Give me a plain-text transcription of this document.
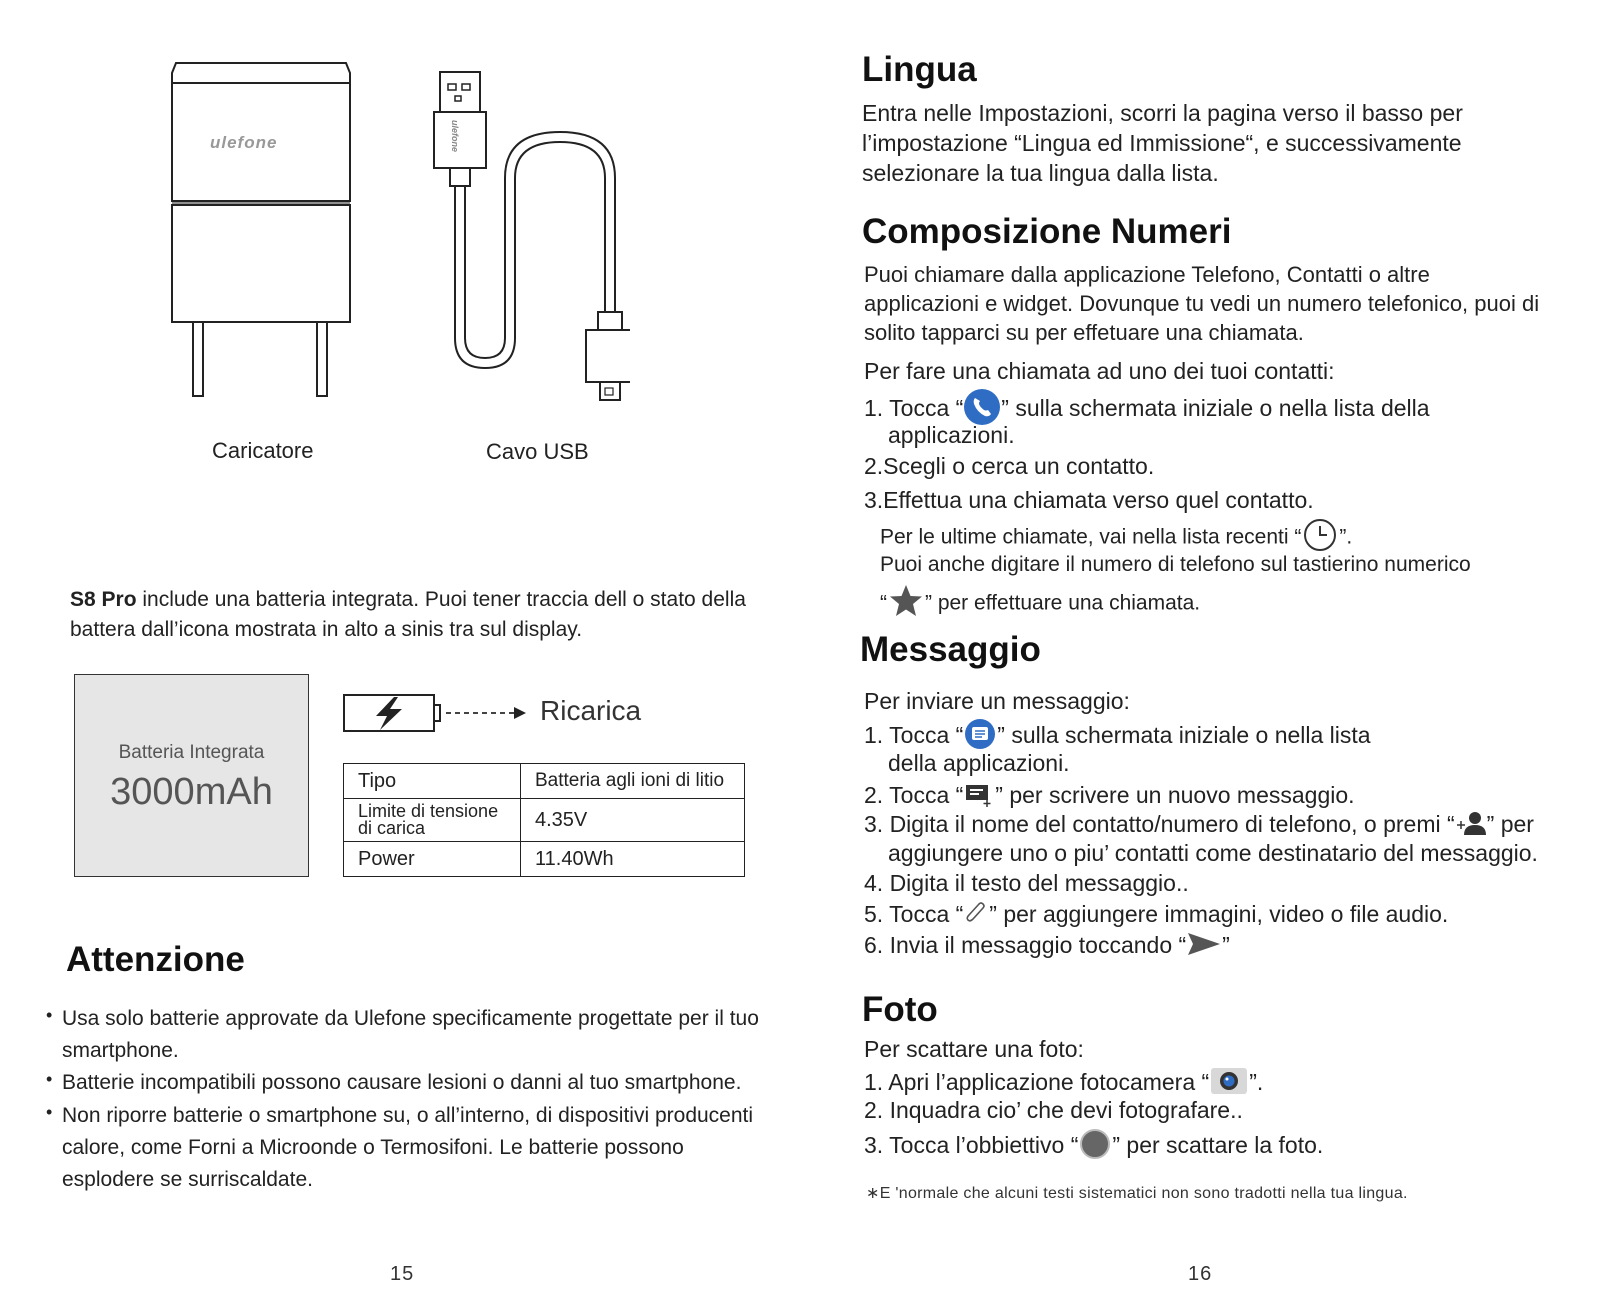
ulefone	ulefone
Caricatore	Cavo USB
S8 Pro include una batteria integrata. Puoi tener traccia dell o stato della battera dall’icona mostrata in alto a sinis tra sul display.
Batteria Integrata
3000mAh
Ricarica
Tipo	Batteria agli ioni di litio
Limite di tensione di carica	4.35V
Power	11.40Wh
Attenzione
• Usa solo batterie approvate da Ulefone specificamente progettate per il tuo smartphone.
• Batterie incompatibili possono causare lesioni o danni al tuo smartphone.
• Non riporre batterie o smartphone su, o all’interno, di dispositivi producenti calore, come Forni a Microonde o Termosifoni. Le batterie possono esplodere se surriscaldate.
15
Lingua
Entra nelle Impostazioni, scorri la pagina verso il basso per l’impostazione “Lingua ed Immissione“, e successivamente selezionare la tua lingua dalla lista.
Composizione Numeri
Puoi chiamare dalla applicazione Telefono, Contatti o altre applicazioni e widget. Dovunque tu vedi un numero telefonico, puoi di solito tapparci su per effetuare una chiamata.
Per fare una chiamata ad uno dei tuoi contatti:
1. Tocca “ ” sulla schermata iniziale o nella lista della
applicazioni.
2.Scegli o cerca un contatto.
3.Effettua una chiamata verso quel contatto.
Per le ultime chiamate, vai nella lista recenti “ ”.
Puoi anche digitare il numero di telefono sul tastierino numerico
“ ” per effettuare una chiamata.
Messaggio
Per inviare un messaggio:
1. Tocca “ ” sulla schermata iniziale o nella lista
della applicazioni.
2. Tocca “ ” per scrivere un nuovo messaggio.
3. Digita il nome del contatto/numero di telefono, o premi “ ” per
aggiungere uno o piu’ contatti come destinatario del messaggio.
4. Digita il testo del messaggio..
5. Tocca “ ” per aggiungere immagini, video o file audio.
6. Invia il messaggio toccando “ ”
Foto
Per scattare una foto:
1. Apri l’applicazione fotocamera “ ”.
2. Inquadra cio’ che devi fotografare..
3. Tocca l’obbiettivo “ ” per scattare la foto.
∗E 'normale che alcuni testi sistematici non sono tradotti nella tua lingua.
16
